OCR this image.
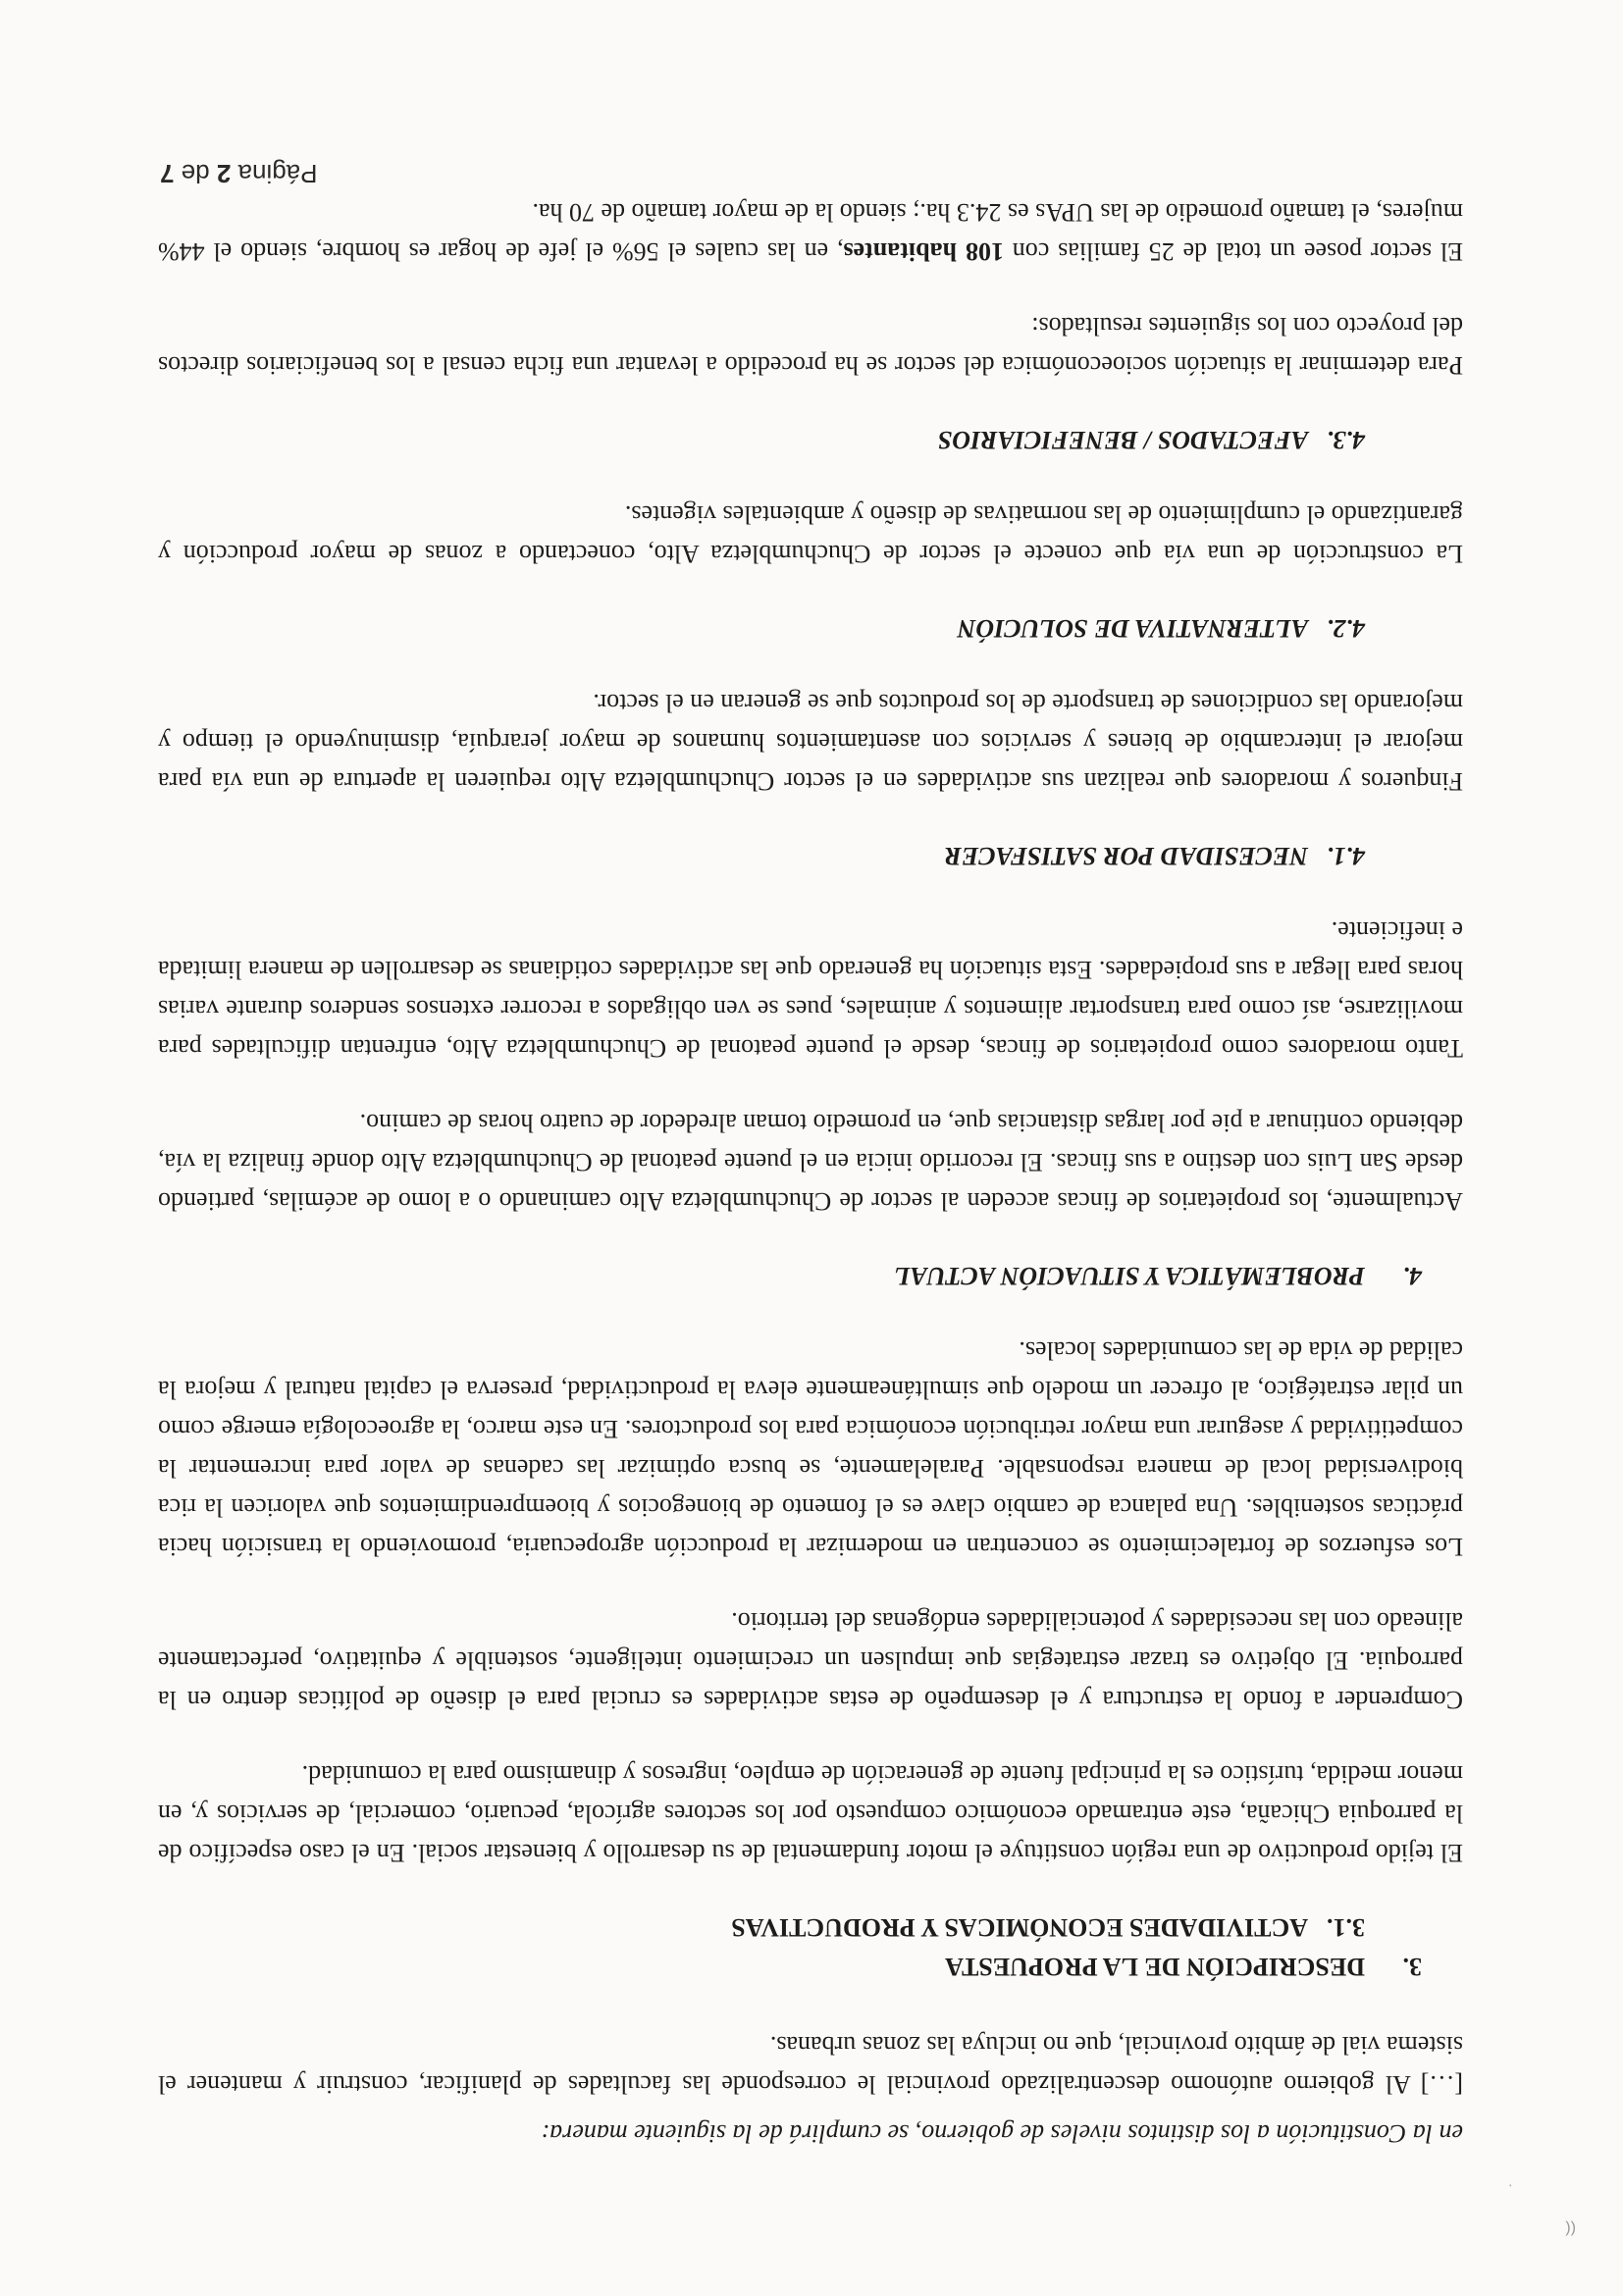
en la Constitución a los distintos niveles de gobierno, se cumplirá de la siguiente manera:

[…] Al gobierno autónomo descentralizado provincial le corresponde las facultades de planificar, construir y mantener el sistema vial de ámbito provincial, que no incluya las zonas urbanas.

3.
DESCRIPCIÓN DE LA PROPUESTA
3.1.
ACTIVIDADES ECONÓMICAS Y PRODUCTIVAS

El tejido productivo de una región constituye el motor fundamental de su desarrollo y bienestar social. En el caso específico de la parroquia Chicaña, este entramado económico compuesto por los sectores agrícola, pecuario, comercial, de servicios y, en menor medida, turístico es la principal fuente de generación de empleo, ingresos y dinamismo para la comunidad.

Comprender a fondo la estructura y el desempeño de estas actividades es crucial para el diseño de políticas dentro en la parroquia. El objetivo es trazar estrategias que impulsen un crecimiento inteligente, sostenible y equitativo, perfectamente alineado con las necesidades y potencialidades endógenas del territorio.

Los esfuerzos de fortalecimiento se concentran en modernizar la producción agropecuaria, promoviendo la transición hacia prácticas sostenibles. Una palanca de cambio clave es el fomento de bionegocios y bioemprendimientos que valoricen la rica biodiversidad local de manera responsable. Paralelamente, se busca optimizar las cadenas de valor para incrementar la competitividad y asegurar una mayor retribución económica para los productores. En este marco, la agroecología emerge como un pilar estratégico, al ofrecer un modelo que simultáneamente eleva la productividad, preserva el capital natural y mejora la calidad de vida de las comunidades locales.

4.
PROBLEMÁTICA Y SITUACIÓN ACTUAL

Actualmente, los propietarios de fincas acceden al sector de Chuchumbletza Alto caminando o a lomo de acémilas, partiendo desde San Luis con destino a sus fincas. El recorrido inicia en el puente peatonal de Chuchumbletza Alto donde finaliza la vía, debiendo continuar a pie por largas distancias que, en promedio toman alrededor de cuatro horas de camino.

Tanto moradores como propietarios de fincas, desde el puente peatonal de Chuchumbletza Alto, enfrentan dificultades para movilizarse, así como para transportar alimentos y animales, pues se ven obligados a recorrer extensos senderos durante varias horas para llegar a sus propiedades. Esta situación ha generado que las actividades cotidianas se desarrollen de manera limitada e ineficiente.

4.1.
NECESIDAD POR SATISFACER

Finqueros y moradores que realizan sus actividades en el sector Chuchumbletza Alto requieren la apertura de una vía para mejorar el intercambio de bienes y servicios con asentamientos humanos de mayor jerarquía, disminuyendo el tiempo y mejorando las condiciones de transporte de los productos que se generan en el sector.

4.2.
ALTERNATIVA DE SOLUCIÓN

La construcción de una vía que conecte el sector de Chuchumbletza Alto, conectando a zonas de mayor producción y garantizando el cumplimiento de las normativas de diseño y ambientales vigentes.

4.3.
AFECTADOS / BENEFICIARIOS

Para determinar la situación socioeconómica del sector se ha procedido a levantar una ficha censal a los beneficiarios directos del proyecto con los siguientes resultados:

El sector posee un total de 25 familias con 108 habitantes, en las cuales el 56% el jefe de hogar es hombre, siendo el 44% mujeres, el tamaño promedio de las UPAs es 24.3 ha.; siendo la de mayor tamaño de 70 ha.

Página 2 de 7
((
·
